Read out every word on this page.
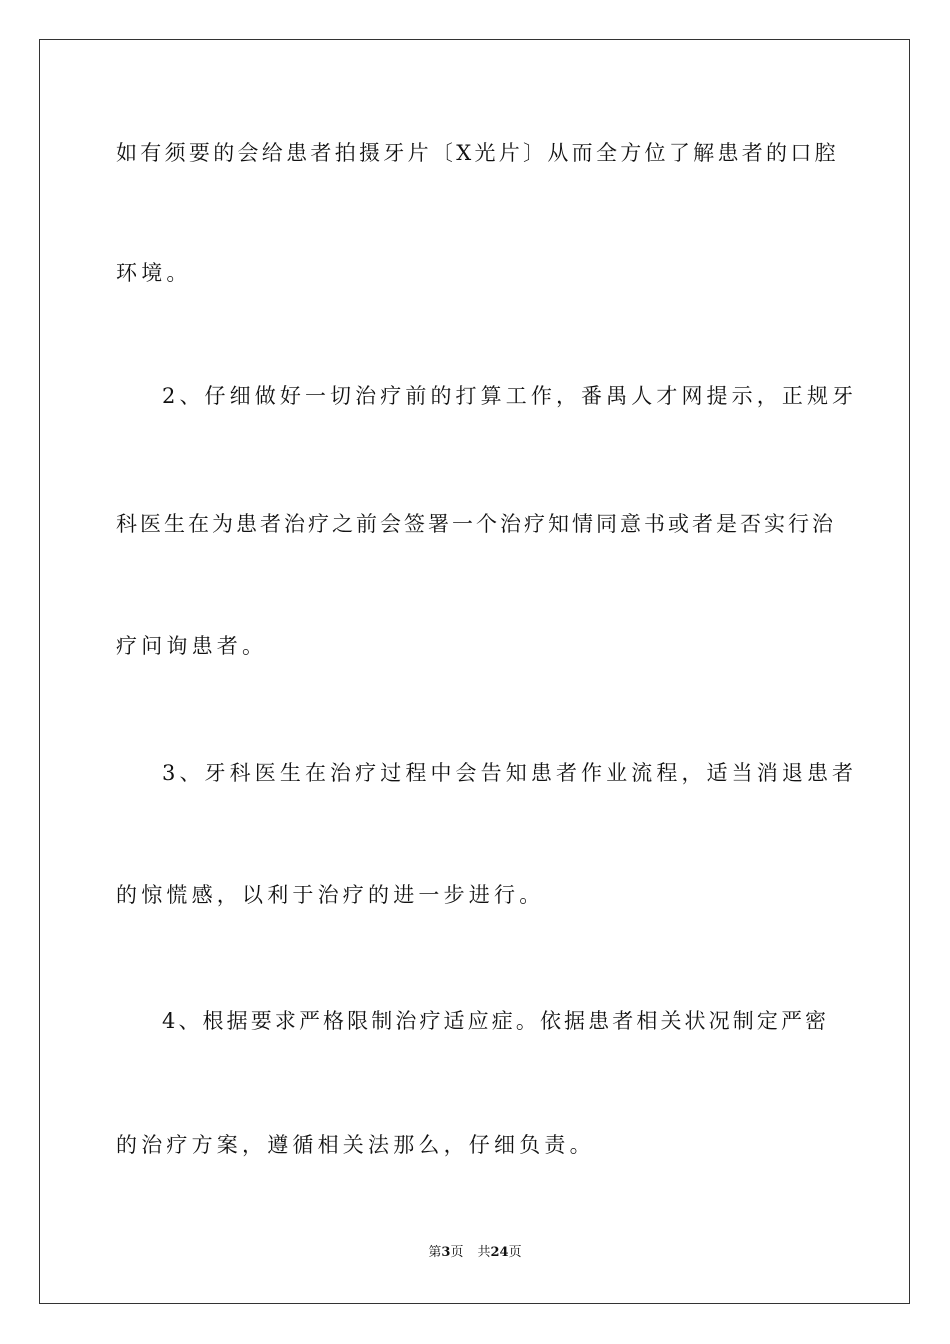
如有须要的会给患者拍摄牙片〔X光片〕从而全方位了解患者的口腔
环境。
2、仔细做好一切治疗前的打算工作，番禺人才网提示，正规牙
科医生在为患者治疗之前会签署一个治疗知情同意书或者是否实行治
疗问询患者。
3、牙科医生在治疗过程中会告知患者作业流程，适当消退患者
的惊慌感，以利于治疗的进一步进行。
4、根据要求严格限制治疗适应症。依据患者相关状况制定严密
的治疗方案，遵循相关法那么，仔细负责。
第3页 共24页
